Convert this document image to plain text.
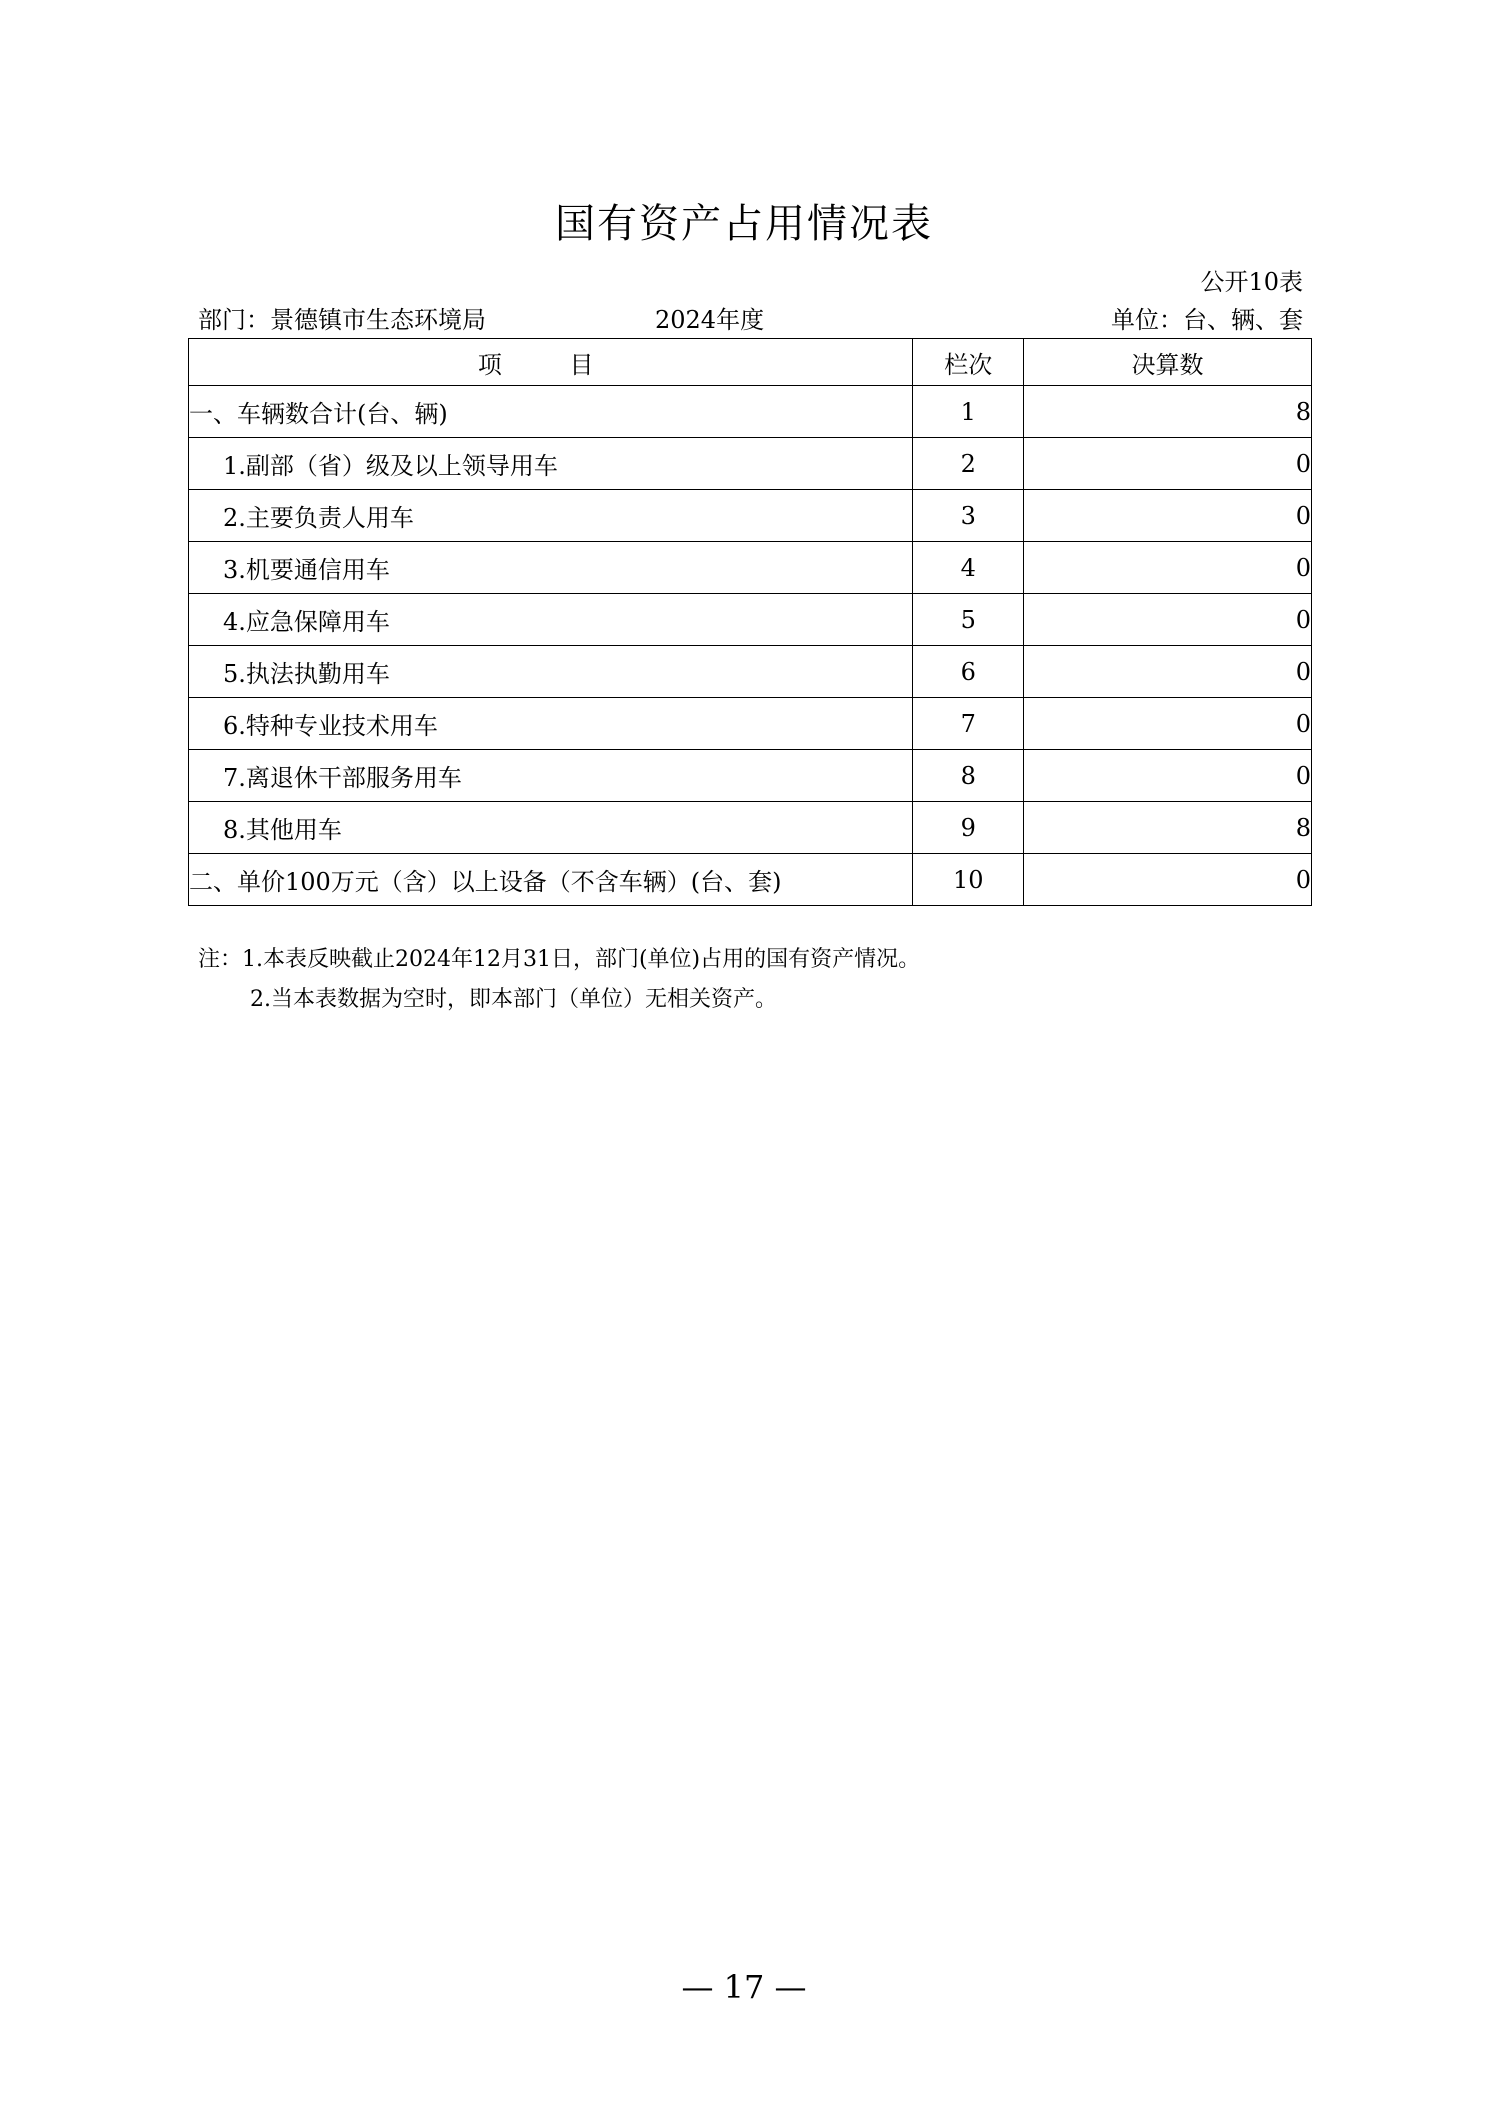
国有资产占用情况表
公开10表
部门：景德镇市生态环境局	2024年度	单位：台、辆、套
项 目	栏次	决算数
一、车辆数合计(台、辆)	1	8
1.副部（省）级及以上领导用车	2	0
2.主要负责人用车	3	0
3.机要通信用车	4	0
4.应急保障用车	5	0
5.执法执勤用车	6	0
6.特种专业技术用车	7	0
7.离退休干部服务用车	8	0
8.其他用车	9	8
二、单价100万元（含）以上设备（不含车辆）(台、套)	10	0
注：1.本表反映截止2024年12月31日，部门(单位)占用的国有资产情况。
2.当本表数据为空时，即本部门（单位）无相关资产。
— 17 —
